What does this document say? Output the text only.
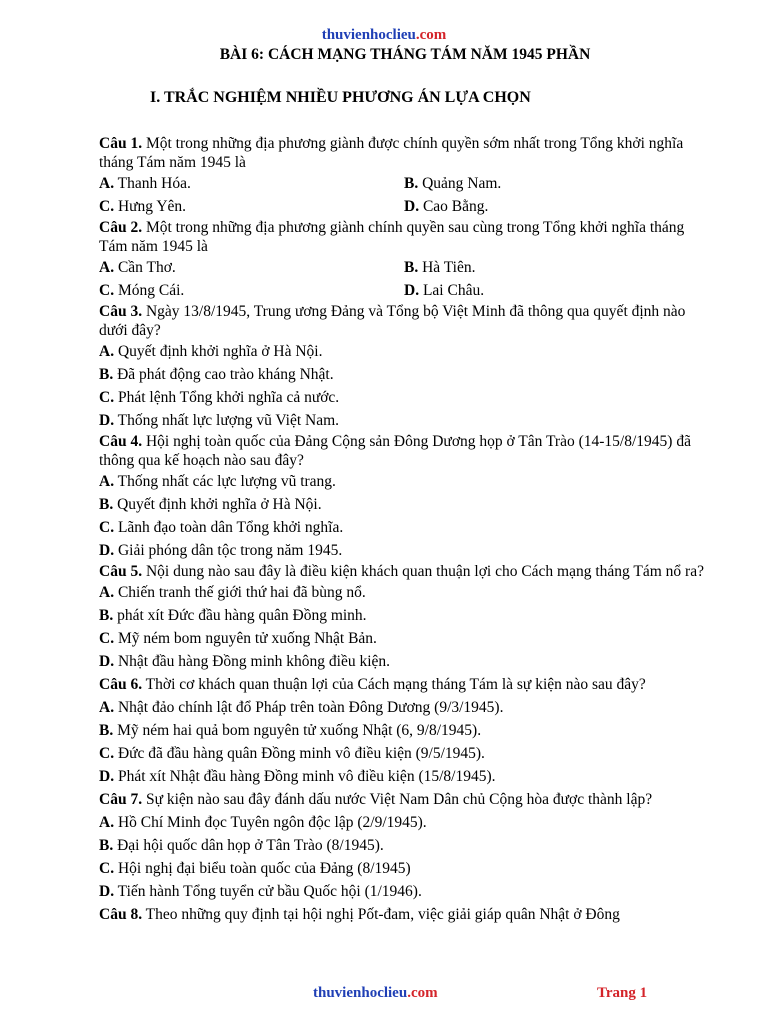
thuvienhoclieu.com
BÀI 6: CÁCH MẠNG THÁNG TÁM NĂM 1945 PHẦN
I. TRẮC NGHIỆM NHIỀU PHƯƠNG ÁN LỰA CHỌN

Câu 1. Một trong những địa phương giành được chính quyền sớm nhất trong Tổng khởi nghĩa tháng Tám năm 1945 là

A. Thanh Hóa.	B. Quảng Nam.
C. Hưng Yên.	D. Cao Bằng.

Câu 2. Một trong những địa phương giành chính quyền sau cùng trong Tổng khởi nghĩa tháng Tám năm 1945 là

A. Cần Thơ.	B. Hà Tiên.
C. Móng Cái.	D. Lai Châu.

Câu 3. Ngày 13/8/1945, Trung ương Đảng và Tổng bộ Việt Minh đã thông qua quyết định nào dưới đây?

A. Quyết định khởi nghĩa ở Hà Nội.
B. Đã phát động cao trào kháng Nhật.
C. Phát lệnh Tổng khởi nghĩa cả nước.
D. Thống nhất lực lượng vũ Việt Nam.

Câu 4. Hội nghị toàn quốc của Đảng Cộng sản Đông Dương họp ở Tân Trào (14-15/8/1945) đã thông qua kế hoạch nào sau đây?

A. Thống nhất các lực lượng vũ trang.
B. Quyết định khởi nghĩa ở Hà Nội.
C. Lãnh đạo toàn dân Tổng khởi nghĩa.
D. Giải phóng dân tộc trong năm 1945.

Câu 5. Nội dung nào sau đây là điều kiện khách quan thuận lợi cho Cách mạng tháng Tám nổ ra?

A. Chiến tranh thế giới thứ hai đã bùng nổ.
B. phát xít Đức đầu hàng quân Đồng minh.
C. Mỹ ném bom nguyên tử xuống Nhật Bản.
D. Nhật đầu hàng Đồng minh không điều kiện.
Câu 6. Thời cơ khách quan thuận lợi của Cách mạng tháng Tám là sự kiện nào sau đây?
A. Nhật đảo chính lật đổ Pháp trên toàn Đông Dương (9/3/1945).
B. Mỹ ném hai quả bom nguyên tử xuống Nhật (6, 9/8/1945).
C. Đức đã đầu hàng quân Đồng minh vô điều kiện (9/5/1945).
D. Phát xít Nhật đầu hàng Đồng minh vô điều kiện (15/8/1945).
Câu 7. Sự kiện nào sau đây đánh dấu nước Việt Nam Dân chủ Cộng hòa được thành lập?
A. Hồ Chí Minh đọc Tuyên ngôn độc lập (2/9/1945).
B. Đại hội quốc dân họp ở Tân Trào (8/1945).
C. Hội nghị đại biểu toàn quốc của Đảng (8/1945)
D. Tiến hành Tổng tuyển cử bầu Quốc hội (1/1946).
Câu 8. Theo những quy định tại hội nghị Pốt-đam, việc giải giáp quân Nhật ở Đông
thuvienhoclieu.com	Trang 1
